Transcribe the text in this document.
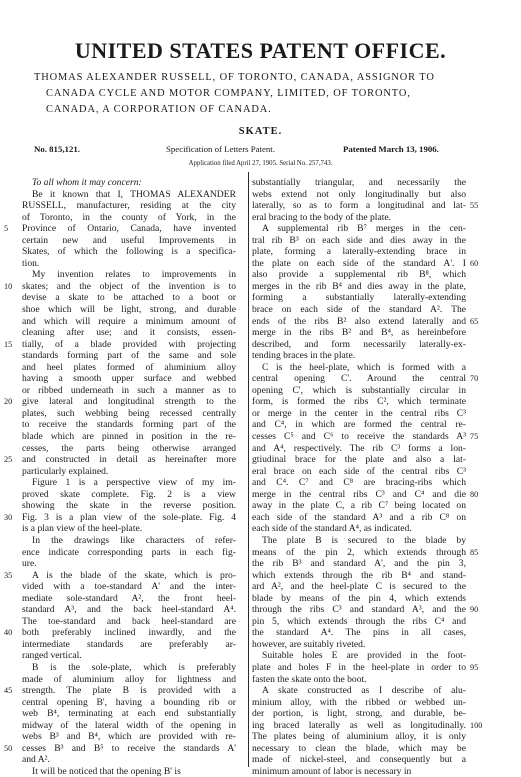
UNITED STATES PATENT OFFICE.
THOMAS ALEXANDER RUSSELL, OF TORONTO, CANADA, ASSIGNOR TO
CANADA CYCLE AND MOTOR COMPANY, LIMITED, OF TORONTO,
CANADA, A CORPORATION OF CANADA.
SKATE.
No. 815,121.	Specification of Letters Patent.	Patented March 13, 1906.
Application filed April 27, 1905. Serial No. 257,743.
To all whom it may concern:
Be it known that I, THOMAS ALEXANDER
RUSSELL, manufacturer, residing at the city
of Toronto, in the county of York, in the
Province of Ontario, Canada, have invented
certain new and useful Improvements in
Skates, of which the following is a specifica-
tion.
My invention relates to improvements in
skates; and the object of the invention is to
devise a skate to be attached to a boot or
shoe which will be light, strong, and durable
and which will require a minimum amount of
cleaning after use; and it consists, essen-
tially, of a blade provided with projecting
standards forming part of the same and sole
and heel plates formed of aluminium alloy
having a smooth upper surface and webbed
or ribbed underneath in such a manner as to
give lateral and longitudinal strength to the
plates, such webbing being recessed centrally
to receive the standards forming part of the
blade which are pinned in position in the re-
cesses, the parts being otherwise arranged
and constructed in detail as hereinafter more
particularly explained.
Figure 1 is a perspective view of my im-
proved skate complete. Fig. 2 is a view
showing the skate in the reverse position.
Fig. 3 is a plan view of the sole-plate. Fig. 4
is a plan view of the heel-plate.
In the drawings like characters of refer-
ence indicate corresponding parts in each fig-
ure.
A is the blade of the skate, which is pro-
vided with a toe-standard A' and the inter-
mediate sole-standard A², the front heel-
standard A³, and the back heel-standard A⁴.
The toe-standard and back heel-standard are
both preferably inclined inwardly, and the
intermediate standards are preferably ar-
ranged vertical.
B is the sole-plate, which is preferably
made of aluminium alloy for lightness and
strength. The plate B is provided with a
central opening B', having a bounding rib or
web B⁴, terminating at each end substantially
midway of the lateral width of the opening in
webs B³ and B⁴, which are provided with re-
cesses B³ and B⁵ to receive the standards A'
and A².
It will be noticed that the opening B' is
substantially triangular, and necessarily the
webs extend not only longitudinally but also
laterally, so as to form a longitudinal and lat-
eral bracing to the body of the plate.
A supplemental rib B⁷ merges in the cen-
tral rib B³ on each side and dies away in the
plate, forming a laterally-extending brace in
the plate on each side of the standard A'. I
also provide a supplemental rib B⁸, which
merges in the rib B⁴ and dies away in the plate,
forming a substantially laterally-extending
brace on each side of the standard A². The
ends of the ribs B² also extend laterally and
merge in the ribs B² and B⁴, as hereinbefore
described, and form necessarily laterally-ex-
tending braces in the plate.
C is the heel-plate, which is formed with a
central opening C'. Around the central
opening C', which is substantially circular in
form, is formed the ribs C², which terminate
or merge in the center in the central ribs C³
and C⁴, in which are formed the central re-
cesses C⁵ and C⁶ to receive the standards A³
and A⁴, respectively. The rib C³ forms a lon-
gtiudinal brace for the plate and also a lat-
eral brace on each side of the central ribs C³
and C⁴. C⁷ and C⁸ are bracing-ribs which
merge in the central ribs C³ and C⁴ and die
away in the plate C, a rib C⁷ being located on
each side of the standard A³ and a rib C⁸ on
each side of the standard A⁴, as indicated.
The plate B is secured to the blade by
means of the pin 2, which extends through
the rib B³ and standard A', and the pin 3,
which extends through the rib B⁴ and stand-
ard A², and the heel-plate C is secured to the
blade by means of the pin 4, which extends
through the ribs C³ and standard A³, and the
pin 5, which extends through the ribs C⁴ and
the standard A⁴. The pins in all cases,
however, are suitably riveted.
Suitable holes E are provided in the foot-
plate and holes F in the heel-plate in order to
fasten the skate onto the boot.
A skate constructed as I describe of alu-
minium alloy, with the ribbed or webbed un-
der portion, is light, strong, and durable, be-
ing braced laterally as well as longitudinally.
The plates being of aluminium alloy, it is only
necessary to clean the blade, which may be
made of nickel-steel, and consequently but a
minimum amount of labor is necessary in
5
10
15
20
25
30
35
40
45
50
55
60
65
70
75
80
85
90
95
100
